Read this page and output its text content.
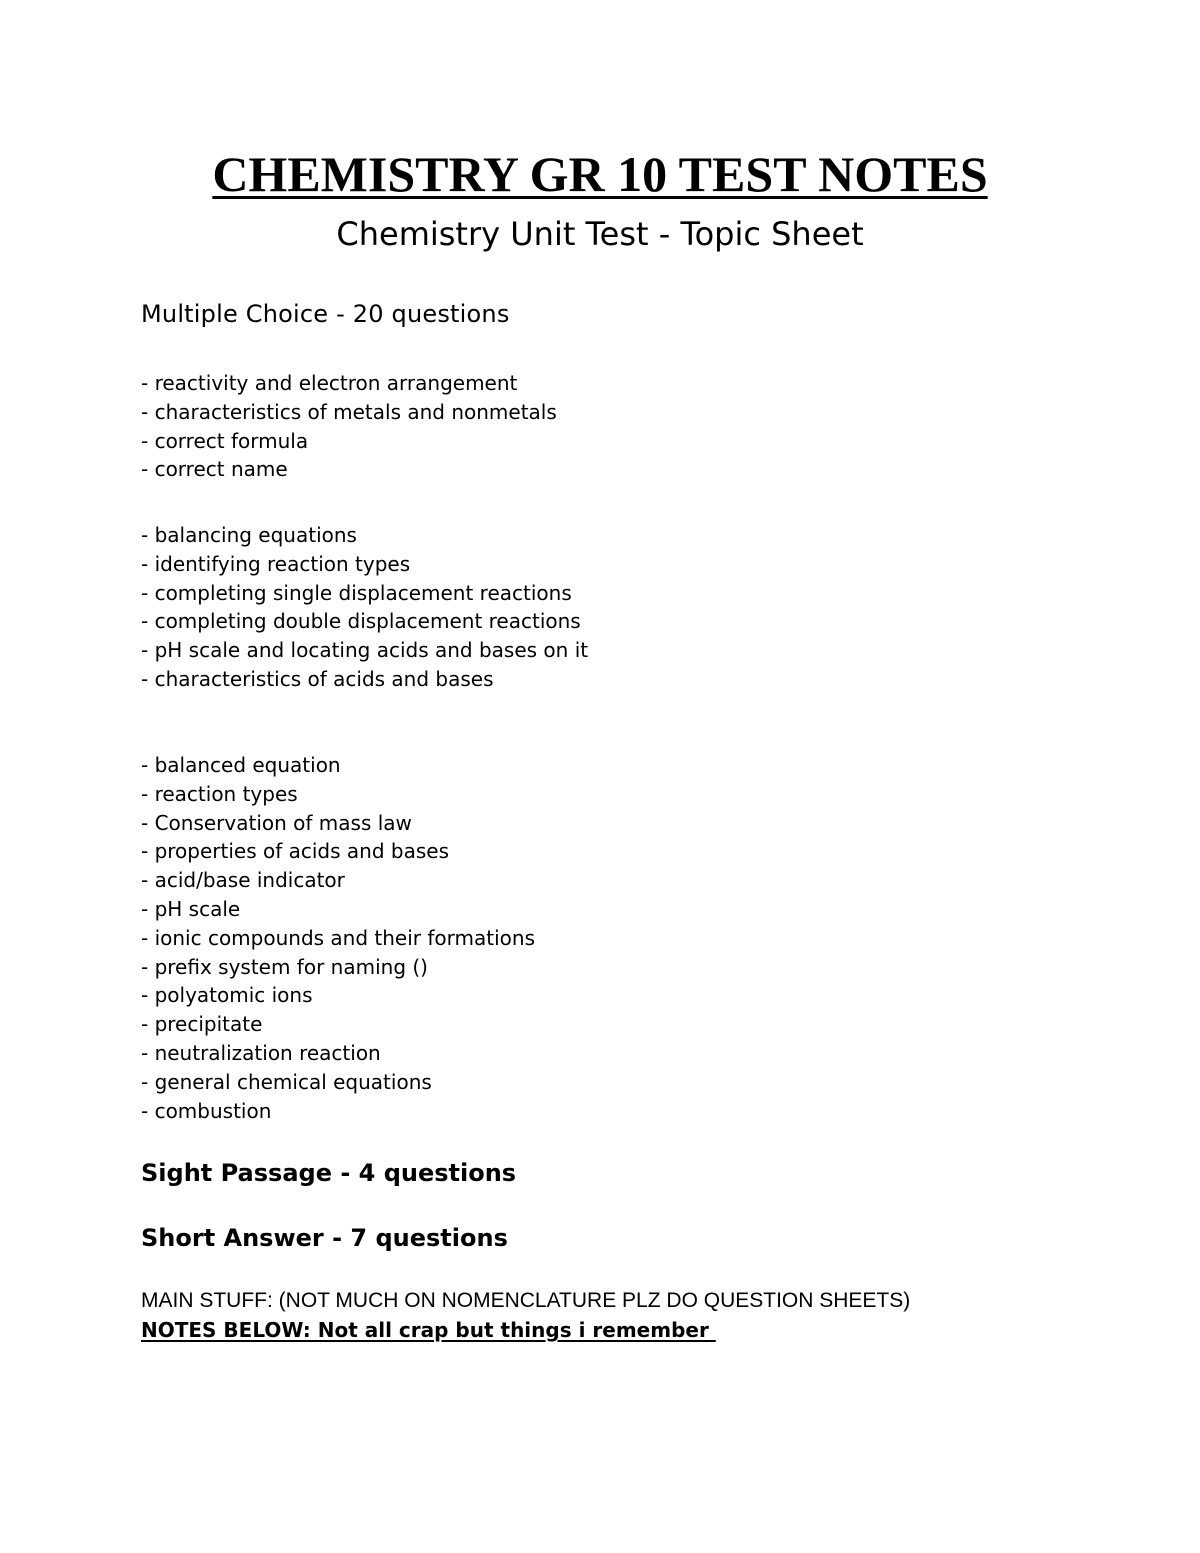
CHEMISTRY GR 10 TEST NOTES

Chemistry Unit Test - Topic Sheet

Multiple Choice - 20 questions

- reactivity and electron arrangement
- characteristics of metals and nonmetals
- correct formula
- correct name
- balancing equations
- identifying reaction types
- completing single displacement reactions
- completing double displacement reactions
- pH scale and locating acids and bases on it
- characteristics of acids and bases
- balanced equation
- reaction types
- Conservation of mass law
- properties of acids and bases
- acid/base indicator
- pH scale
- ionic compounds and their formations
- prefix system for naming ()
- polyatomic ions
- precipitate
- neutralization reaction
- general chemical equations
- combustion

Sight Passage - 4 questions

Short Answer - 7 questions

MAIN STUFF: (NOT MUCH ON NOMENCLATURE PLZ DO QUESTION SHEETS)

NOTES BELOW: Not all crap but things i remember
